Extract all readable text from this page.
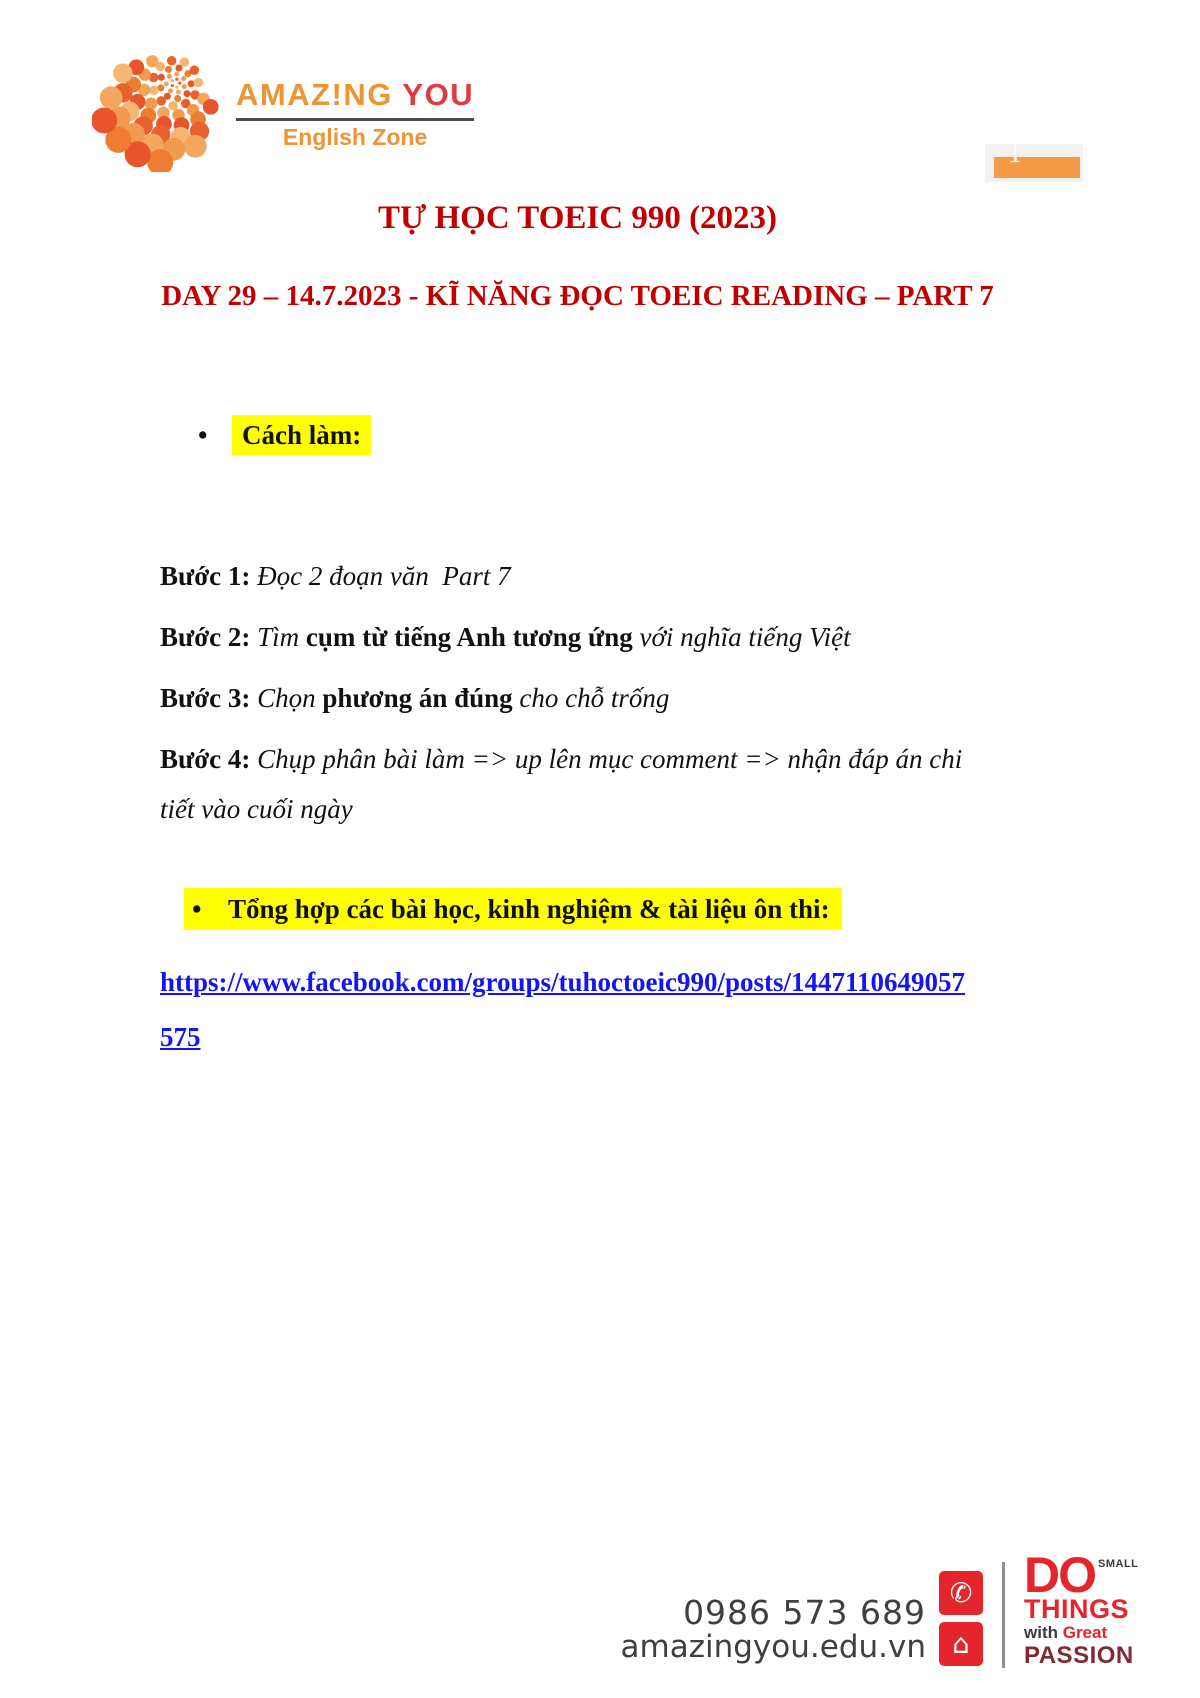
AMAZ!NG YOU
English Zone
1
TỰ HỌC TOEIC 990 (2023)
DAY 29 – 14.7.2023 - KĨ NĂNG ĐỌC TOEIC READING – PART 7
• Cách làm:

Bước 1: Đọc 2 đoạn văn  Part 7

Bước 2: Tìm cụm từ tiếng Anh tương ứng với nghĩa tiếng Việt

Bước 3: Chọn phương án đúng cho chỗ trống

Bước 4: Chụp phân bài làm => up lên mục comment => nhận đáp án chi tiết vào cuối ngày

• Tổng hợp các bài học, kinh nghiệm & tài liệu ôn thi:
https://www.facebook.com/groups/tuhoctoeic990/posts/1447110649057
575
0986 573 689
amazingyou.edu.vn
✆
⌂
DO SMALL
THINGS
with Great
PASSION
